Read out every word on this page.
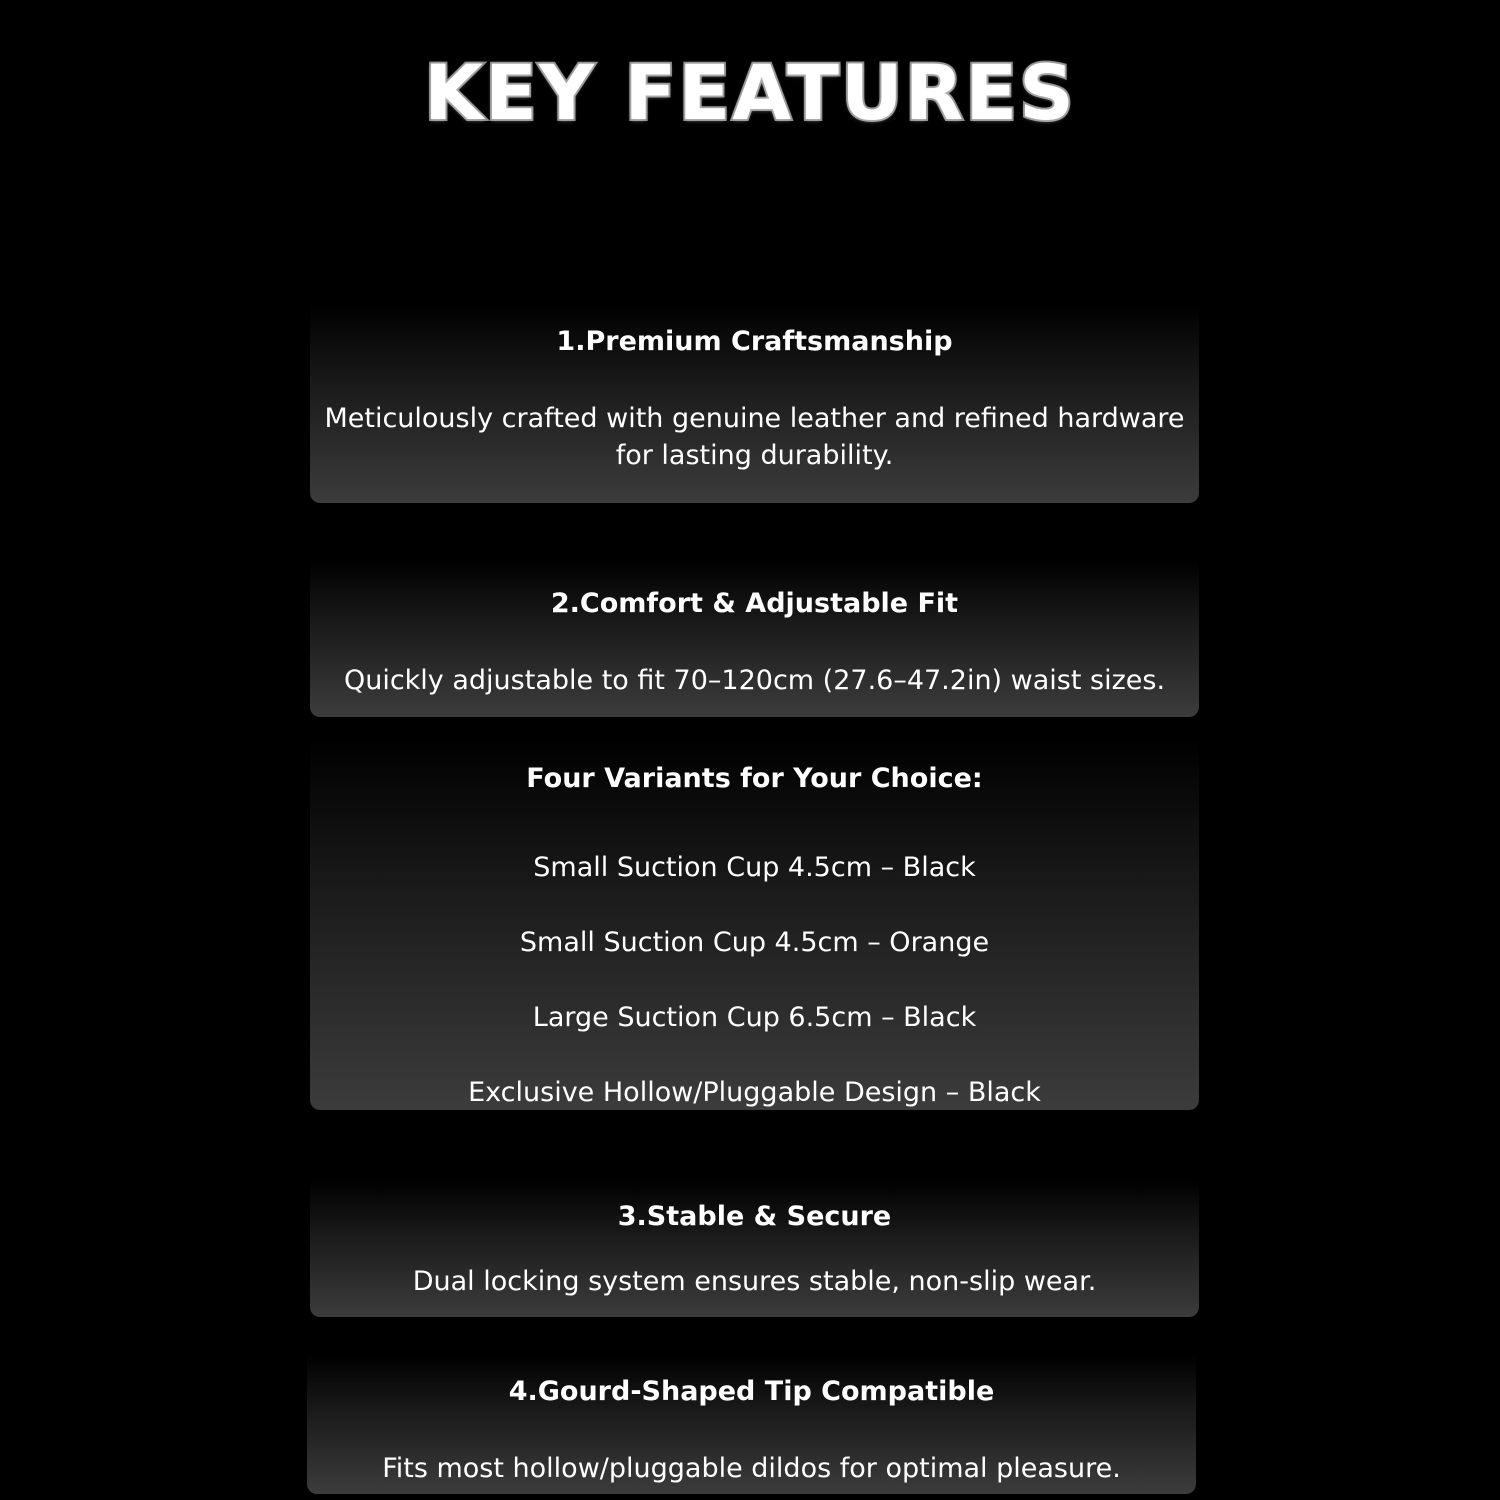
KEY FEATURES
1.Premium Craftsmanship
Meticulously crafted with genuine leather and refined hardware
for lasting durability.
2.Comfort & Adjustable Fit
Quickly adjustable to fit 70–120cm (27.6–47.2in) waist sizes.
Four Variants for Your Choice:
Small Suction Cup 4.5cm – Black
Small Suction Cup 4.5cm – Orange
Large Suction Cup 6.5cm – Black
Exclusive Hollow/Pluggable Design – Black
3.Stable & Secure
Dual locking system ensures stable, non-slip wear.
4.Gourd-Shaped Tip Compatible
Fits most hollow/pluggable dildos for optimal pleasure.
